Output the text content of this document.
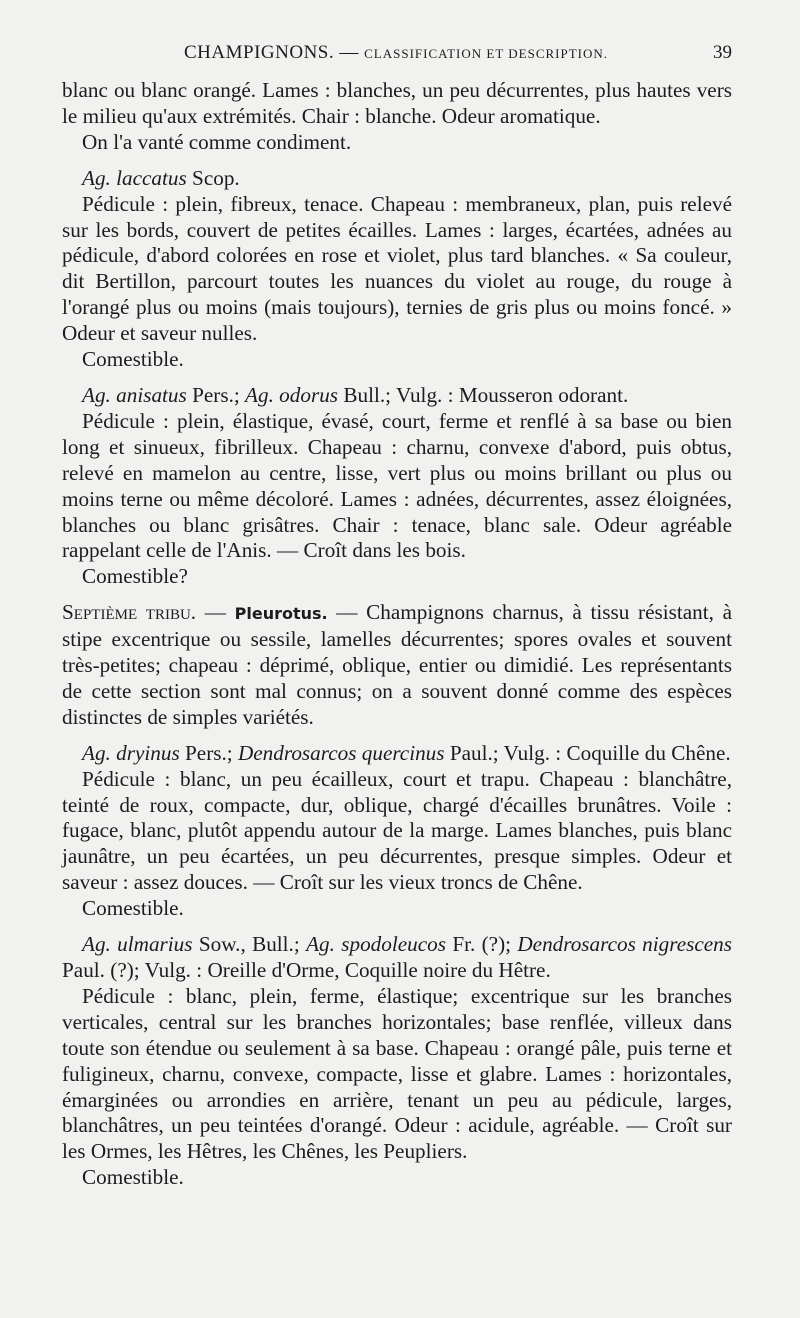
CHAMPIGNONS. — CLASSIFICATION ET DESCRIPTION.	39

blanc ou blanc orangé. Lames : blanches, un peu décurrentes, plus hautes vers le milieu qu'aux extrémités. Chair : blanche. Odeur aromatique.

On l'a vanté comme condiment.

Ag. laccatus Scop.

Pédicule : plein, fibreux, tenace. Chapeau : membraneux, plan, puis relevé sur les bords, couvert de petites écailles. Lames : larges, écartées, adnées au pédicule, d'abord colorées en rose et violet, plus tard blanches. « Sa couleur, dit Bertillon, parcourt toutes les nuances du violet au rouge, du rouge à l'orangé plus ou moins (mais toujours), ternies de gris plus ou moins foncé. » Odeur et saveur nulles.

Comestible.

Ag. anisatus Pers.; Ag. odorus Bull.; Vulg. : Mousseron odorant.

Pédicule : plein, élastique, évasé, court, ferme et renflé à sa base ou bien long et sinueux, fibrilleux. Chapeau : charnu, convexe d'abord, puis obtus, relevé en mamelon au centre, lisse, vert plus ou moins brillant ou plus ou moins terne ou même décoloré. Lames : adnées, décurrentes, assez éloignées, blanches ou blanc grisâtres. Chair : tenace, blanc sale. Odeur agréable rappelant celle de l'Anis. — Croît dans les bois.

Comestible?

Septième tribu. — Pleurotus. — Champignons charnus, à tissu résistant, à stipe excentrique ou sessile, lamelles décurrentes; spores ovales et souvent très-petites; chapeau : déprimé, oblique, entier ou dimidié. Les représentants de cette section sont mal connus; on a souvent donné comme des espèces distinctes de simples variétés.

Ag. dryinus Pers.; Dendrosarcos quercinus Paul.; Vulg. : Coquille du Chêne.

Pédicule : blanc, un peu écailleux, court et trapu. Chapeau : blanchâtre, teinté de roux, compacte, dur, oblique, chargé d'écailles brunâtres. Voile : fugace, blanc, plutôt appendu autour de la marge. Lames blanches, puis blanc jaunâtre, un peu écartées, un peu décurrentes, presque simples. Odeur et saveur : assez douces. — Croît sur les vieux troncs de Chêne.

Comestible.

Ag. ulmarius Sow., Bull.; Ag. spodoleucos Fr. (?); Dendrosarcos nigrescens Paul. (?); Vulg. : Oreille d'Orme, Coquille noire du Hêtre.

Pédicule : blanc, plein, ferme, élastique; excentrique sur les branches verticales, central sur les branches horizontales; base renflée, villeux dans toute son étendue ou seulement à sa base. Chapeau : orangé pâle, puis terne et fuligineux, charnu, convexe, compacte, lisse et glabre. Lames : horizontales, émarginées ou arrondies en arrière, tenant un peu au pédicule, larges, blanchâtres, un peu teintées d'orangé. Odeur : acidule, agréable. — Croît sur les Ormes, les Hêtres, les Chênes, les Peupliers.

Comestible.
